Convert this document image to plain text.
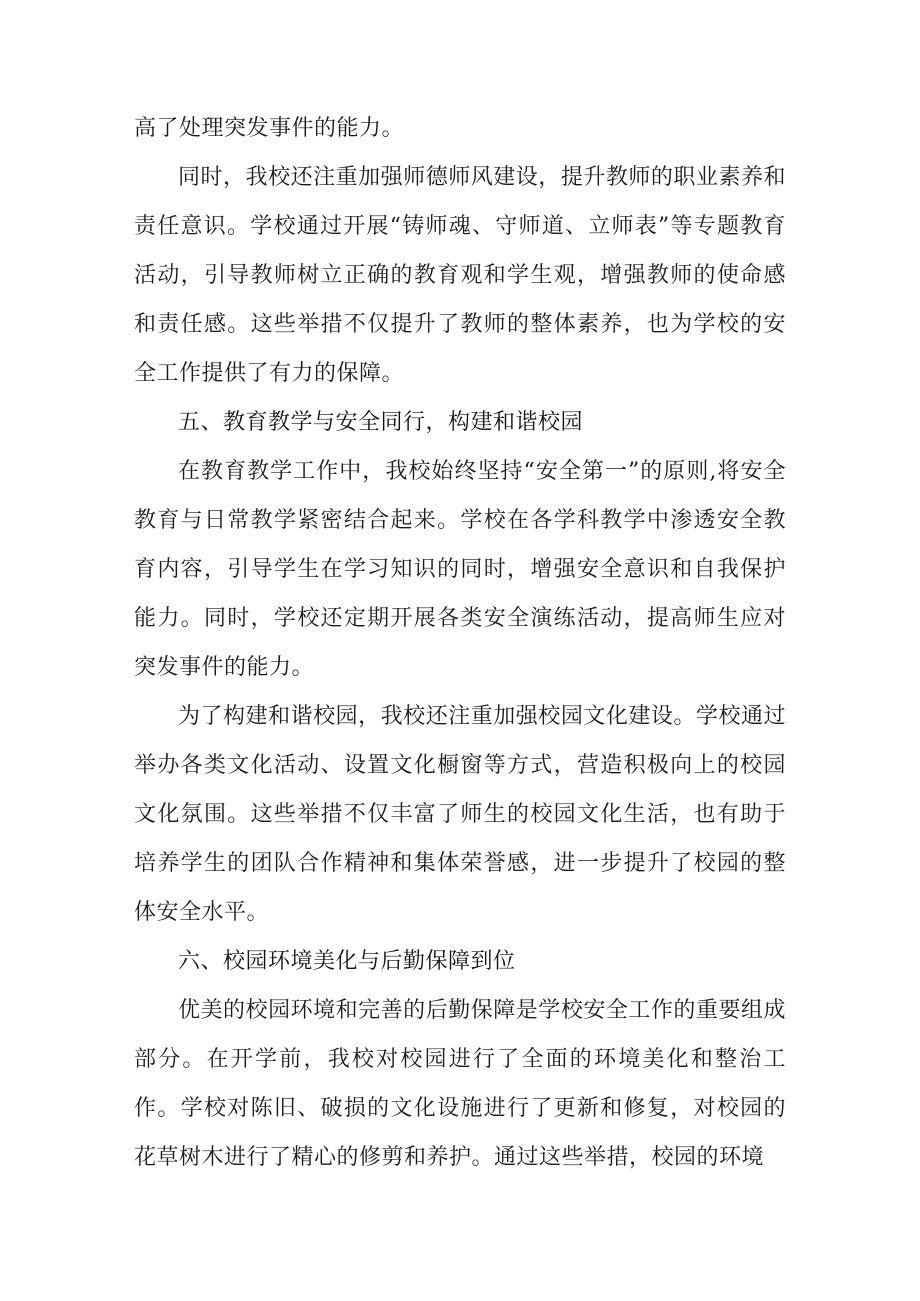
高了处理突发事件的能力。

同时，我校还注重加强师德师风建设，提升教师的职业素养和责任意识。学校通过开展“铸师魂、守师道、立师表”等专题教育活动，引导教师树立正确的教育观和学生观，增强教师的使命感和责任感。这些举措不仅提升了教师的整体素养，也为学校的安全工作提供了有力的保障。

五、教育教学与安全同行，构建和谐校园

在教育教学工作中，我校始终坚持“安全第一”的原则,将安全教育与日常教学紧密结合起来。学校在各学科教学中渗透安全教育内容，引导学生在学习知识的同时，增强安全意识和自我保护能力。同时，学校还定期开展各类安全演练活动，提高师生应对突发事件的能力。

为了构建和谐校园，我校还注重加强校园文化建设。学校通过举办各类文化活动、设置文化橱窗等方式，营造积极向上的校园文化氛围。这些举措不仅丰富了师生的校园文化生活，也有助于培养学生的团队合作精神和集体荣誉感，进一步提升了校园的整体安全水平。

六、校园环境美化与后勤保障到位

优美的校园环境和完善的后勤保障是学校安全工作的重要组成部分。在开学前，我校对校园进行了全面的环境美化和整治工作。学校对陈旧、破损的文化设施进行了更新和修复，对校园的花草树木进行了精心的修剪和养护。通过这些举措，校园的环境
